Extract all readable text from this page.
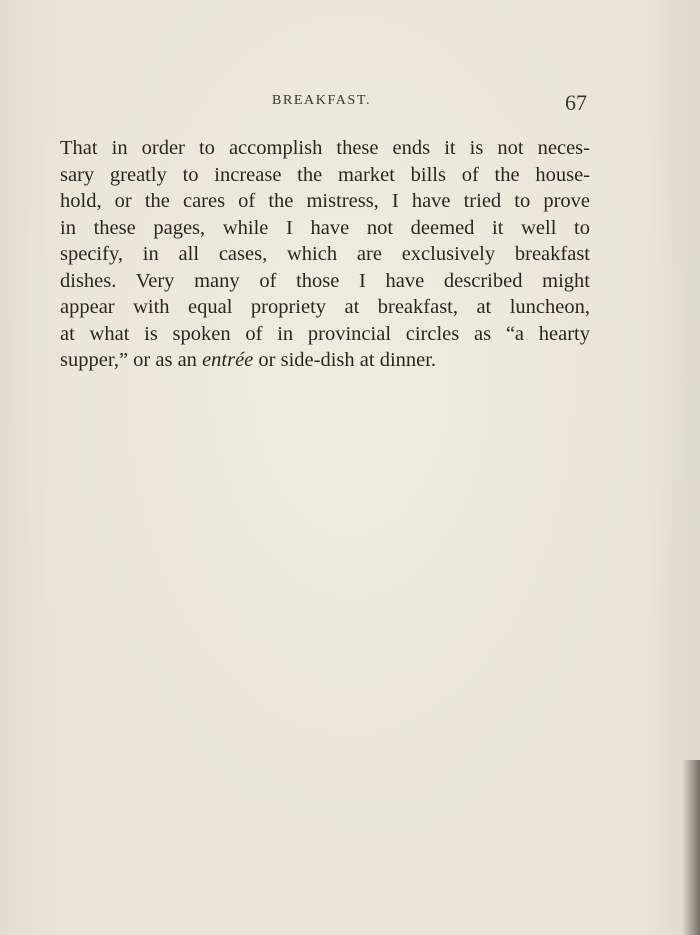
BREAKFAST.	67
That in order to accomplish these ends it is not neces-
sary greatly to increase the market bills of the house-
hold, or the cares of the mistress, I have tried to prove
in these pages, while I have not deemed it well to
specify, in all cases, which are exclusively breakfast
dishes. Very many of those I have described might
appear with equal propriety at breakfast, at luncheon,
at what is spoken of in provincial circles as “a hearty
supper,” or as an entrée or side-dish at dinner.
